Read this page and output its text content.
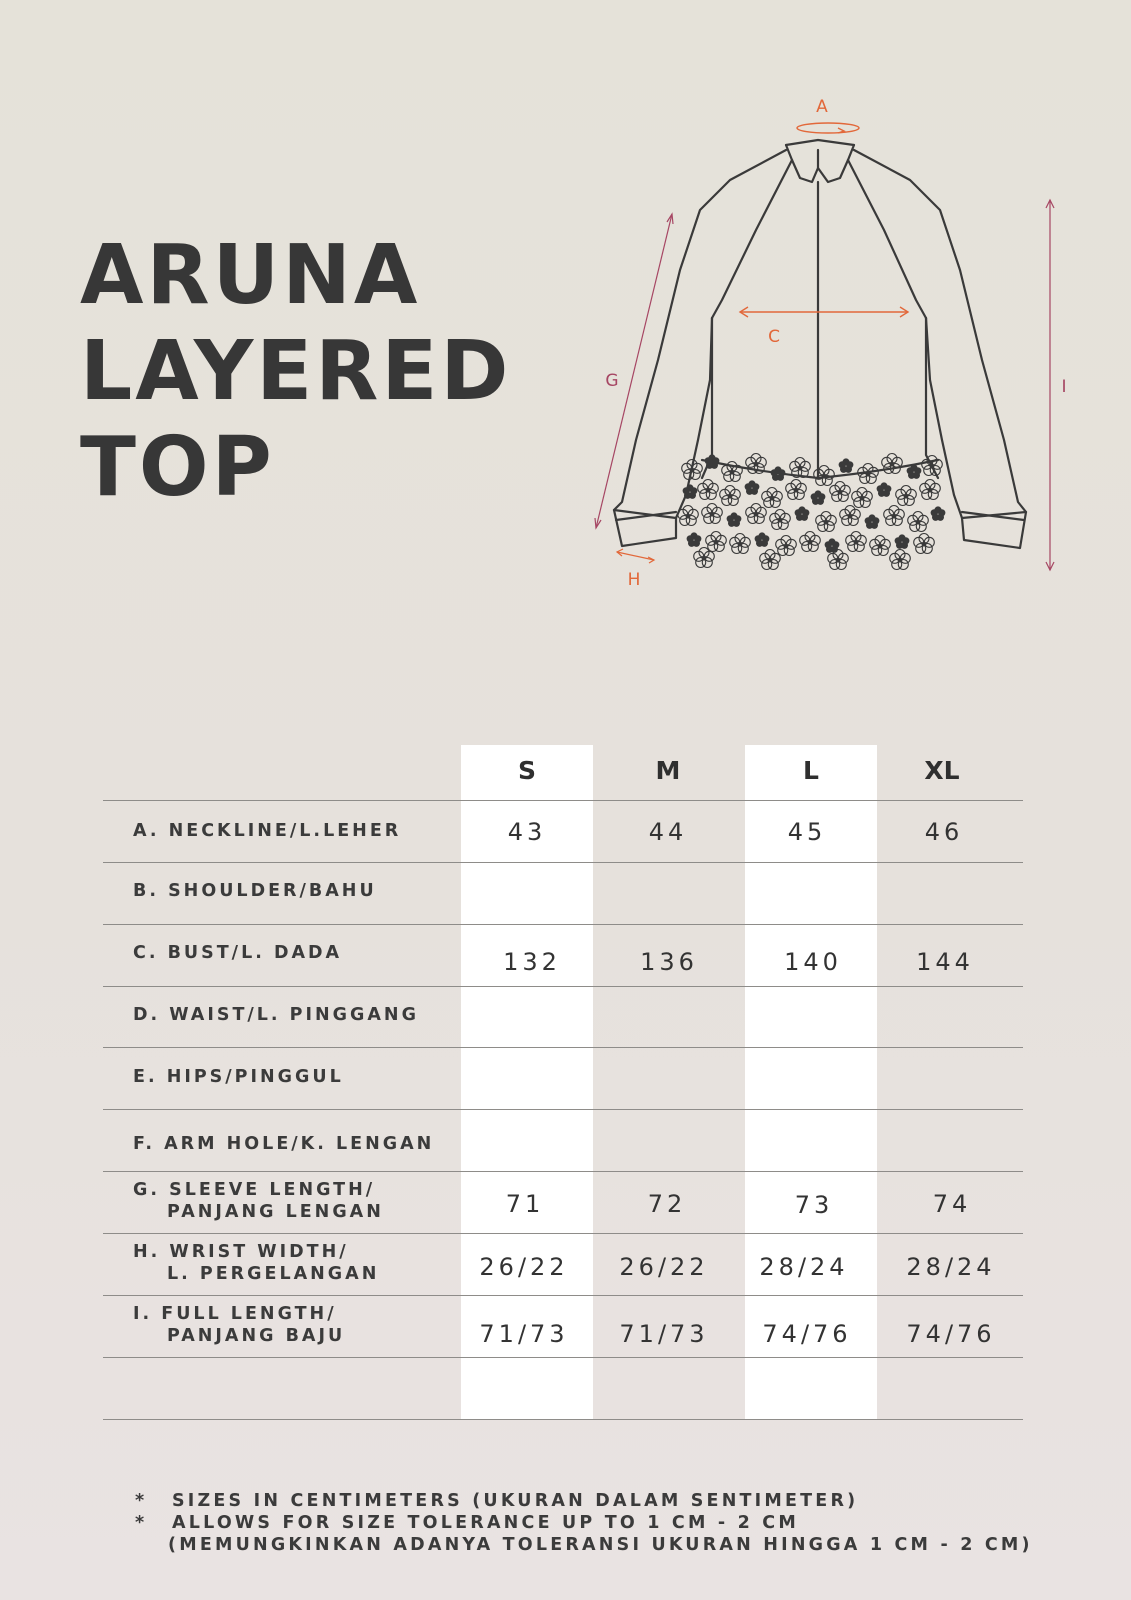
ARUNA
LAYERED
TOP
A
C
G
H
I
S	M	L	XL
A. NECKLINE/L.LEHER	43	44	45	46
B. SHOULDER/BAHU
C. BUST/L. DADA	132	136	140	144
D. WAIST/L. PINGGANG
E. HIPS/PINGGUL
F. ARM HOLE/K. LENGAN
G. SLEEVE LENGTH/
PANJANG LENGAN	71	72	73	74
H. WRIST WIDTH/
L. PERGELANGAN	26/22	26/22	28/24	28/24
I. FULL LENGTH/
PANJANG BAJU	71/73	71/73	74/76	74/76
* SIZES IN CENTIMETERS (UKURAN DALAM SENTIMETER)
* ALLOWS FOR SIZE TOLERANCE UP TO 1 CM - 2 CM
(MEMUNGKINKAN ADANYA TOLERANSI UKURAN HINGGA 1 CM - 2 CM)
